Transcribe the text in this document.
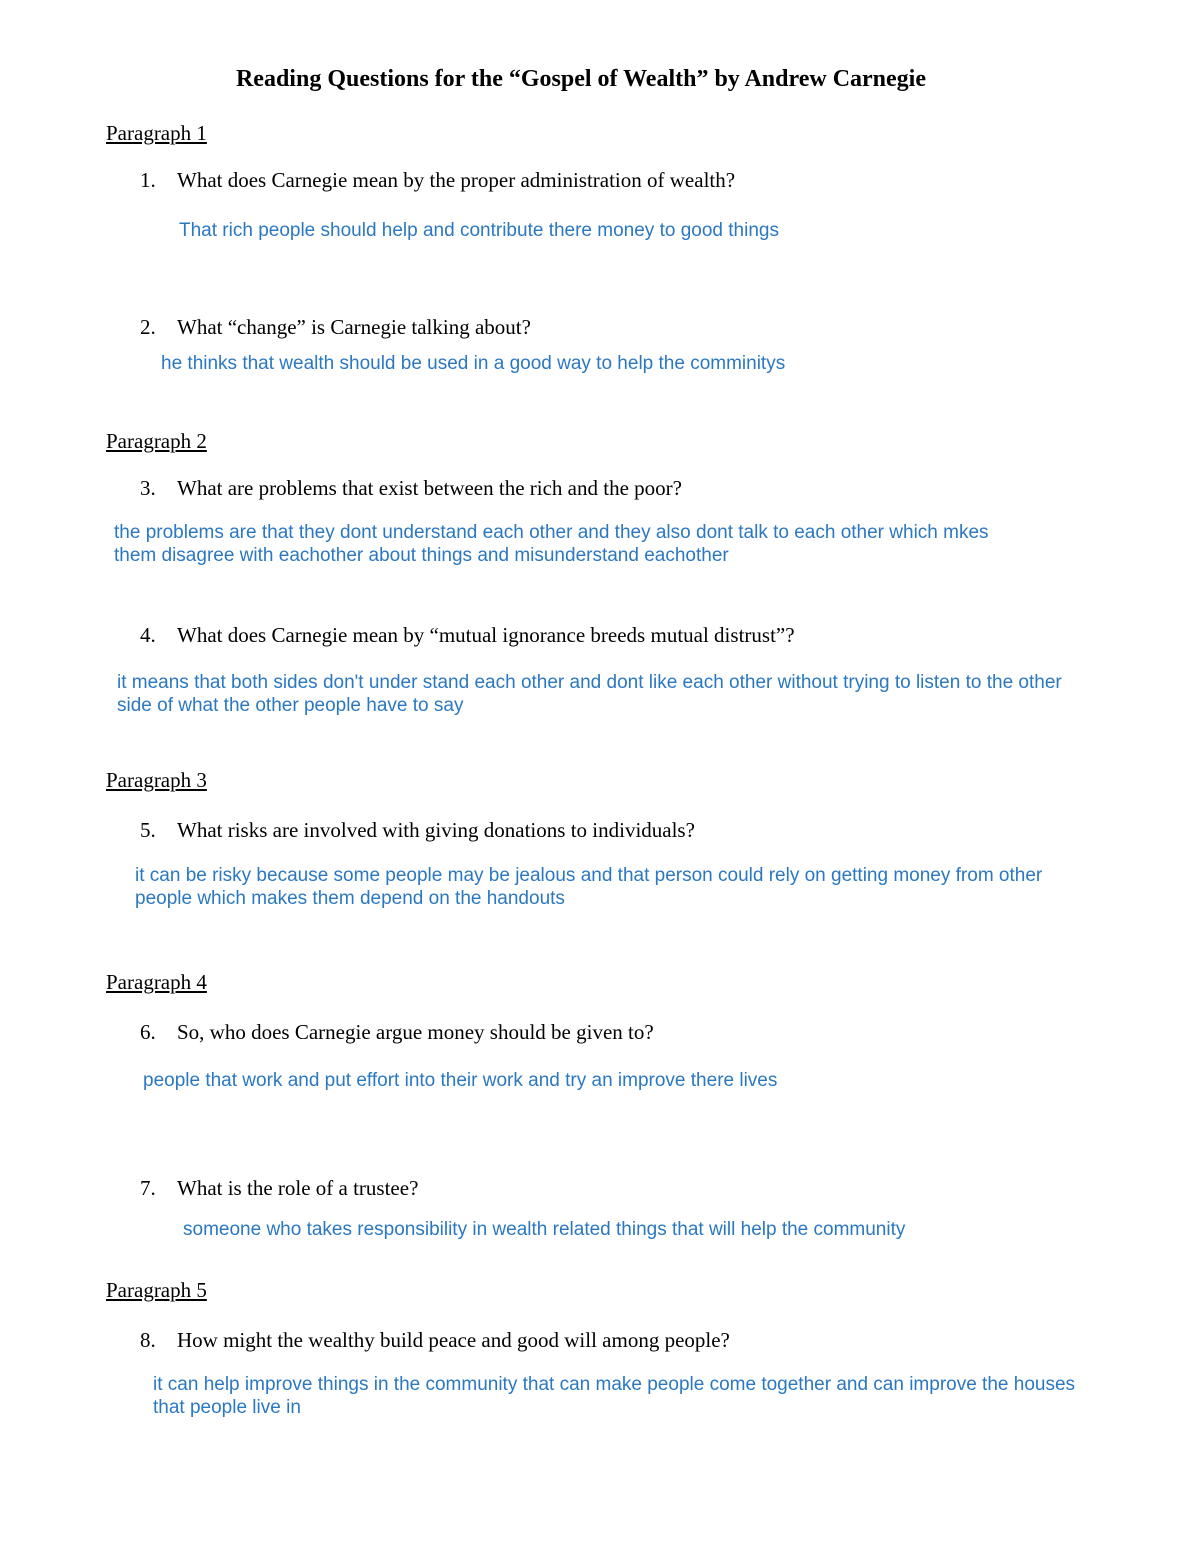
Reading Questions for the “Gospel of Wealth” by Andrew Carnegie
Paragraph 1
1. What does Carnegie mean by the proper administration of wealth?
That rich people should help and contribute there money to good things
2. What “change” is Carnegie talking about?
he thinks that wealth should be used in a good way to help the comminitys
Paragraph 2
3. What are problems that exist between the rich and the poor?
the problems are that they dont understand each other and they also dont talk to each other which mkes
them disagree with eachother about things and misunderstand eachother
4. What does Carnegie mean by “mutual ignorance breeds mutual distrust”?
it means that both sides don't under stand each other and dont like each other without trying to listen to the other
side of what the other people have to say
Paragraph 3
5. What risks are involved with giving donations to individuals?
it can be risky because some people may be jealous and that person could rely on getting money from other
people which makes them depend on the handouts
Paragraph 4
6. So, who does Carnegie argue money should be given to?
people that work and put effort into their work and try an improve there lives
7. What is the role of a trustee?
someone who takes responsibility in wealth related things that will help the community
Paragraph 5
8. How might the wealthy build peace and good will among people?
it can help improve things in the community that can make people come together and can improve the houses
that people live in
